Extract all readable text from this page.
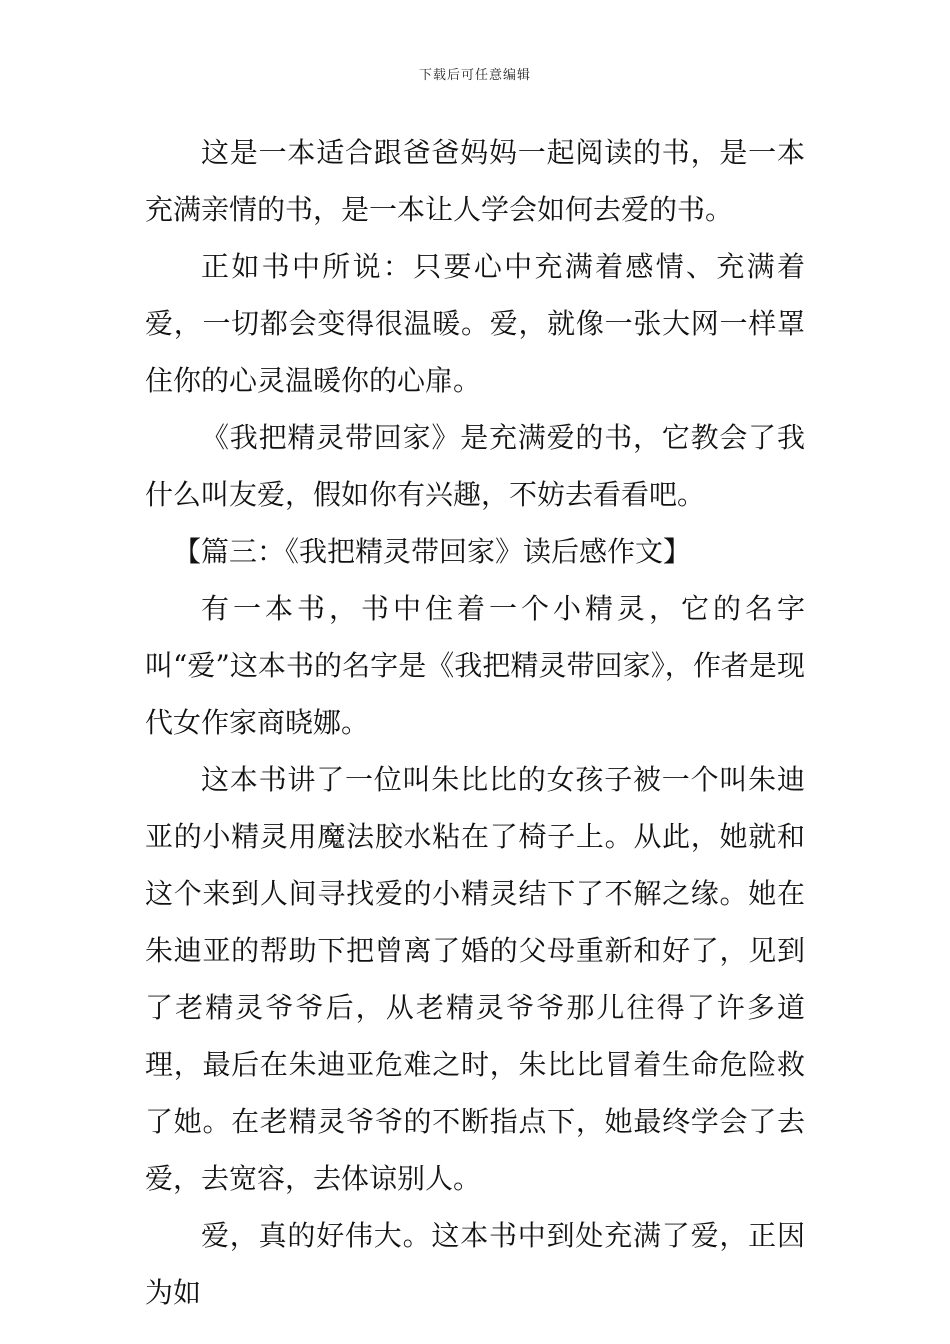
下载后可任意编辑

这是一本适合跟爸爸妈妈一起阅读的书，是一本充满亲情的书，是一本让人学会如何去爱的书。

正如书中所说：只要心中充满着感情、充满着爱，一切都会变得很温暖。爱，就像一张大网一样罩住你的心灵温暖你的心扉。

《我把精灵带回家》是充满爱的书，它教会了我什么叫友爱，假如你有兴趣，不妨去看看吧。

【篇三：《我把精灵带回家》读后感作文】

有一本书，书中住着一个小精灵，它的名字叫“爱”这本书的名字是《我把精灵带回家》，作者是现代女作家商晓娜。

这本书讲了一位叫朱比比的女孩子被一个叫朱迪亚的小精灵用魔法胶水粘在了椅子上。从此，她就和这个来到人间寻找爱的小精灵结下了不解之缘。她在朱迪亚的帮助下把曾离了婚的父母重新和好了，见到了老精灵爷爷后，从老精灵爷爷那儿往得了许多道理，最后在朱迪亚危难之时，朱比比冒着生命危险救了她。在老精灵爷爷的不断指点下，她最终学会了去爱，去宽容，去体谅别人。

爱，真的好伟大。这本书中到处充满了爱，正因为如
